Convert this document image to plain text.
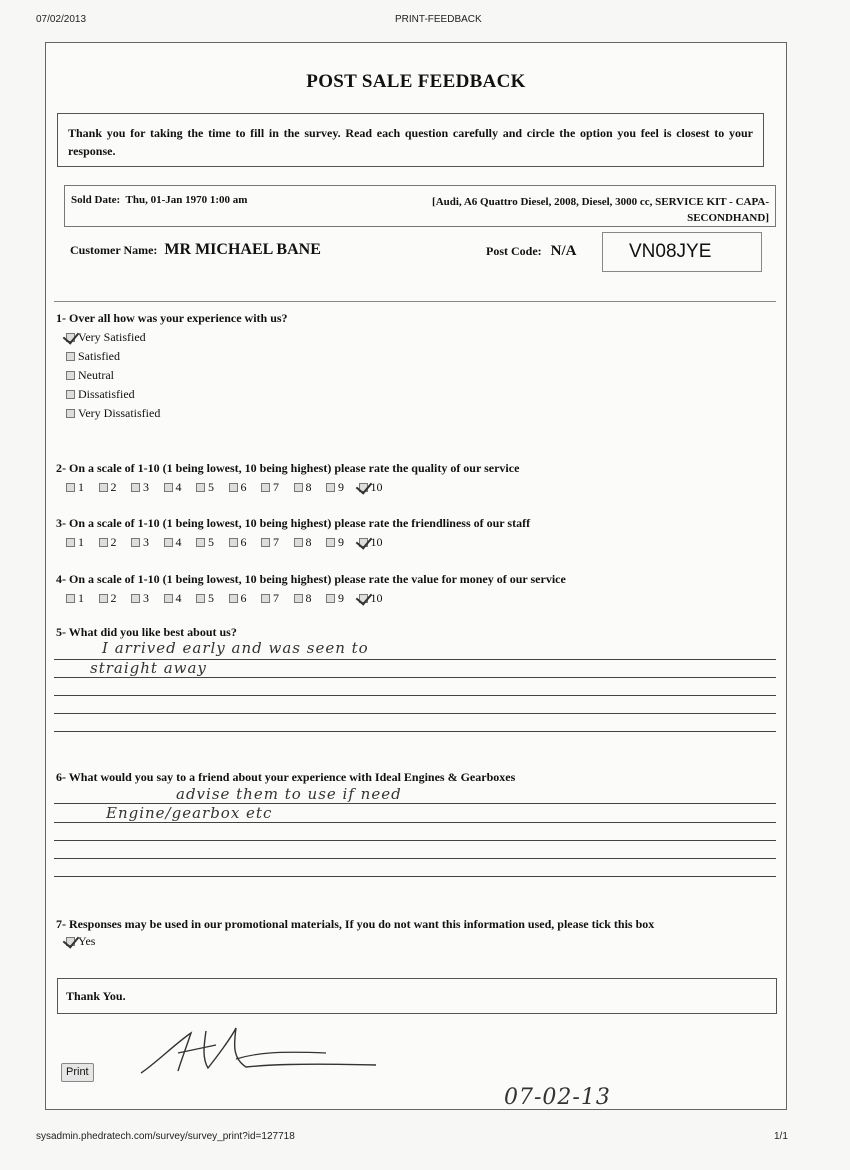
07/02/2013	PRINT-FEEDBACK
POST SALE FEEDBACK
Thank you for taking the time to fill in the survey. Read each question carefully and circle the option you feel is closest to your response.
Sold Date: Thu, 01-Jan 1970 1:00 am	[Audi, A6 Quattro Diesel, 2008, Diesel, 3000 cc, SERVICE KIT - CAPA-
SECONDHAND]
Customer Name: MR MICHAEL BANE	Post Code: N/A	VN08JYE
1- Over all how was your experience with us?
Very Satisfied
Satisfied
Neutral
Dissatisfied
Very Dissatisfied
2- On a scale of 1-10 (1 being lowest, 10 being highest) please rate the quality of our service
1 2 3 4 5 6 7 8 9 10
3- On a scale of 1-10 (1 being lowest, 10 being highest) please rate the friendliness of our staff
1 2 3 4 5 6 7 8 9 10
4- On a scale of 1-10 (1 being lowest, 10 being highest) please rate the value for money of our service
1 2 3 4 5 6 7 8 9 10
5- What did you like best about us?
I arrived early and was seen to
straight away
6- What would you say to a friend about your experience with Ideal Engines & Gearboxes
advise them to use if need
Engine/gearbox etc
7- Responses may be used in our promotional materials, If you do not want this information used, please tick this box
Yes
Thank You.
Print
07-02-13
sysadmin.phedratech.com/survey/survey_print?id=127718	1/1
